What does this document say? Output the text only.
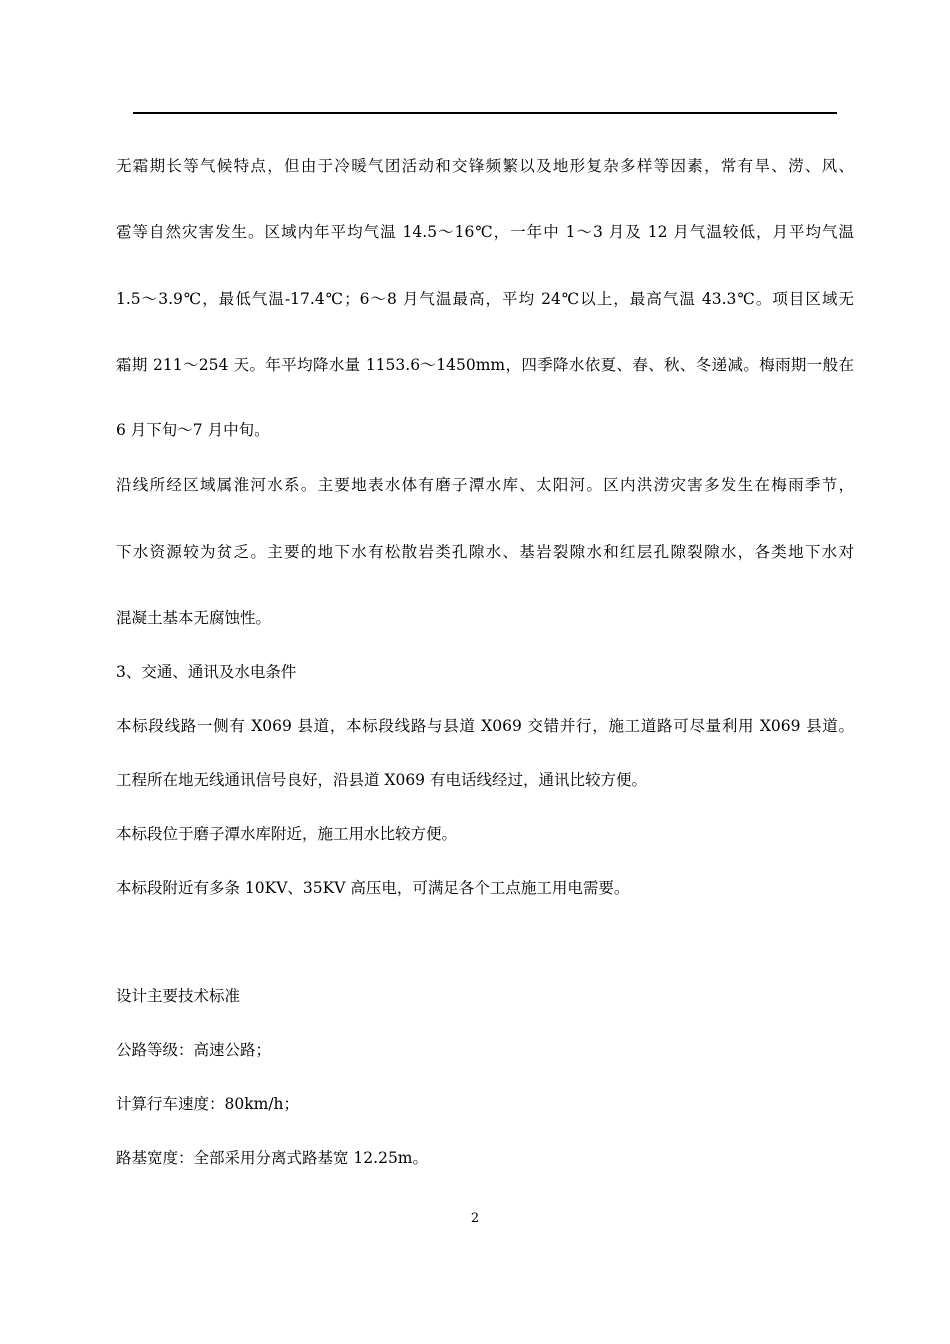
无霜期长等气候特点，但由于冷暖气团活动和交锋频繁以及地形复杂多样等因素，常有旱、涝、风、
雹等自然灾害发生。区域内年平均气温 14.5～16℃，一年中 1～3 月及 12 月气温较低，月平均气温
1.5～3.9℃，最低气温-17.4℃；6～8 月气温最高，平均 24℃以上，最高气温 43.3℃。项目区域无
霜期 211～254 天。年平均降水量 1153.6～1450mm，四季降水依夏、春、秋、冬递减。梅雨期一般在
6 月下旬～7 月中旬。
沿线所经区域属淮河水系。主要地表水体有磨子潭水库、太阳河。区内洪涝灾害多发生在梅雨季节，
下水资源较为贫乏。主要的地下水有松散岩类孔隙水、基岩裂隙水和红层孔隙裂隙水，各类地下水对
混凝土基本无腐蚀性。
3、交通、通讯及水电条件
本标段线路一侧有 X069 县道，本标段线路与县道 X069 交错并行，施工道路可尽量利用 X069 县道。
工程所在地无线通讯信号良好，沿县道 X069 有电话线经过，通讯比较方便。
本标段位于磨子潭水库附近，施工用水比较方便。
本标段附近有多条 10KV、35KV 高压电，可满足各个工点施工用电需要。
设计主要技术标准
公路等级：高速公路；
计算行车速度：80km/h；
路基宽度：全部采用分离式路基宽 12.25m。
2
